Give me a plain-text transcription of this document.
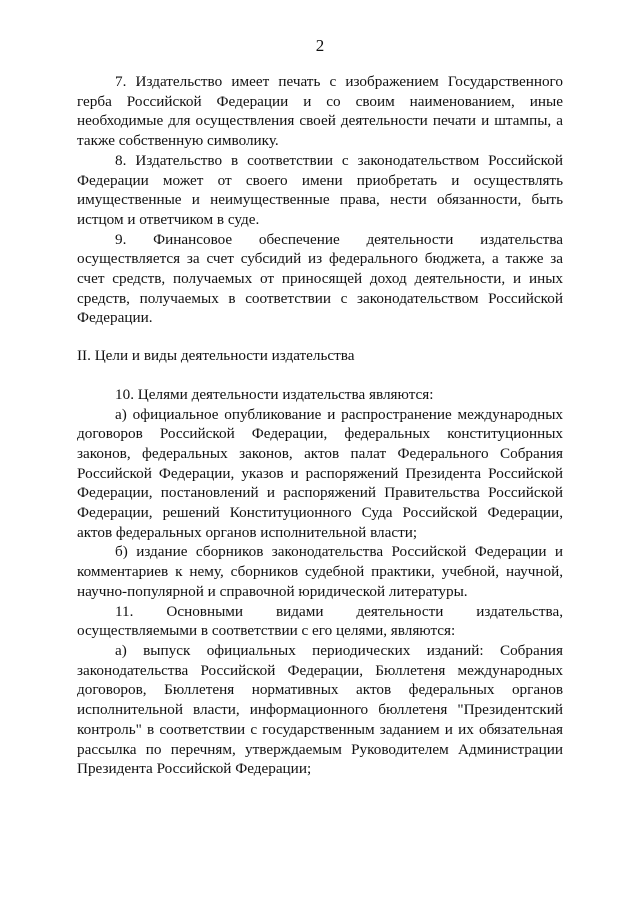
2

7. Издательство имеет печать с изображением Государственного герба Российской Федерации и со своим наименованием, иные необходимые для осуществления своей деятельности печати и штампы, а также собственную символику.

8. Издательство в соответствии с законодательством Российской Федерации может от своего имени приобретать и осуществлять имущественные и неимущественные права, нести обязанности, быть истцом и ответчиком в суде.

9. Финансовое обеспечение деятельности издательства осуществляется за счет субсидий из федерального бюджета, а также за счет средств, получаемых от приносящей доход деятельности, и иных средств, получаемых в соответствии с законодательством Российской Федерации.

II. Цели и виды деятельности издательства

10. Целями деятельности издательства являются:

а) официальное опубликование и распространение международных договоров Российской Федерации, федеральных конституционных законов, федеральных законов, актов палат Федерального Собрания Российской Федерации, указов и распоряжений Президента Российской Федерации, постановлений и распоряжений Правительства Российской Федерации, решений Конституционного Суда Российской Федерации, актов федеральных органов исполнительной власти;

б) издание сборников законодательства Российской Федерации и комментариев к нему, сборников судебной практики, учебной, научной, научно-популярной и справочной юридической литературы.

11. Основными видами деятельности издательства, осуществляемыми в соответствии с его целями, являются:

а) выпуск официальных периодических изданий: Собрания законодательства Российской Федерации, Бюллетеня международных договоров, Бюллетеня нормативных актов федеральных органов исполнительной власти, информационного бюллетеня "Президентский контроль" в соответствии с государственным заданием и их обязательная рассылка по перечням, утверждаемым Руководителем Администрации Президента Российской Федерации;
